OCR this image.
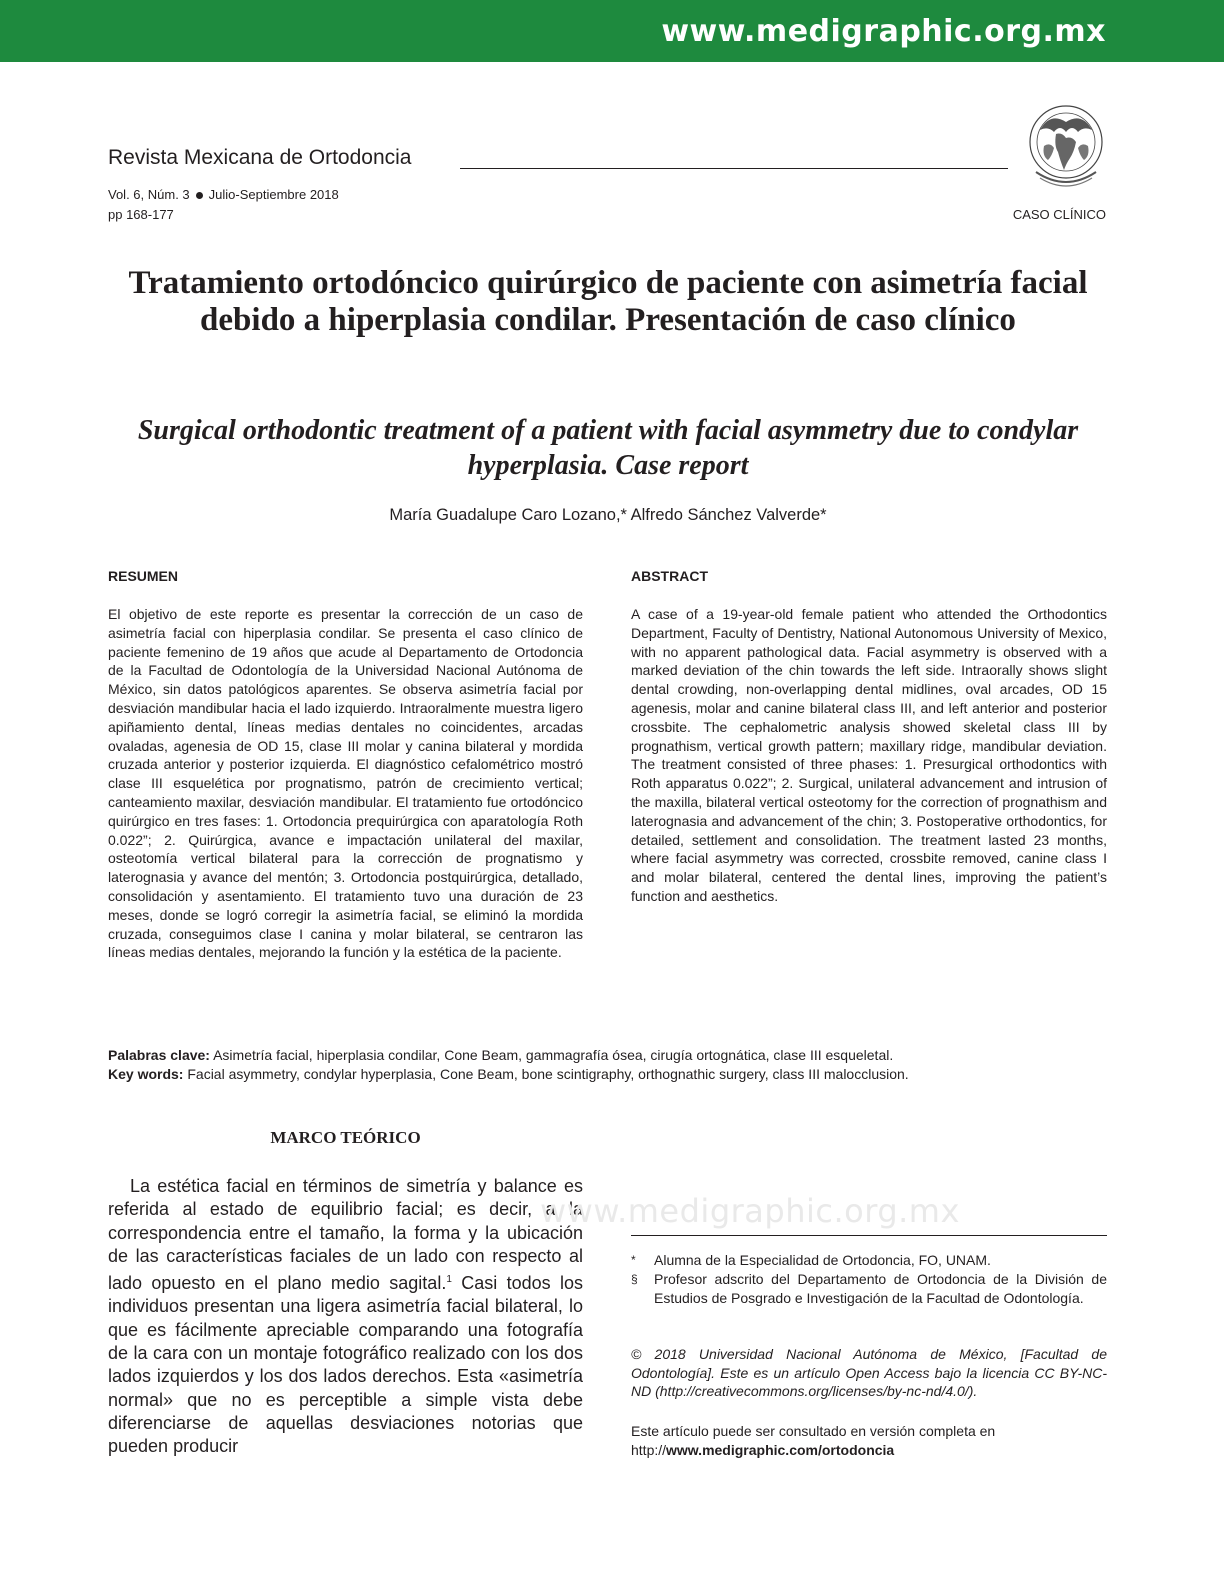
www.medigraphic.org.mx
Revista Mexicana de Ortodoncia
Vol. 6, Núm. 3 Julio-Septiembre 2018
pp 168-177	CASO CLÍNICO
Tratamiento ortodóncico quirúrgico de paciente con asimetría facial debido a hiperplasia condilar. Presentación de caso clínico
Surgical orthodontic treatment of a patient with facial asymmetry due to condylar hyperplasia. Case report
María Guadalupe Caro Lozano,* Alfredo Sánchez Valverde*
RESUMEN	ABSTRACT
El objetivo de este reporte es presentar la corrección de un caso de asimetría facial con hiperplasia condilar. Se presenta el caso clínico de paciente femenino de 19 años que acude al Departamento de Ortodoncia de la Facultad de Odontología de la Universidad Nacional Autónoma de México, sin datos patológicos aparentes. Se observa asimetría facial por desviación mandibular hacia el lado izquierdo. Intraoralmente muestra ligero apiñamiento dental, líneas medias dentales no coincidentes, arcadas ovaladas, agenesia de OD 15, clase III molar y canina bilateral y mordida cruzada anterior y posterior izquierda. El diagnóstico cefalométrico mostró clase III esquelética por prognatismo, patrón de crecimiento vertical; canteamiento maxilar, desviación mandibular. El tratamiento fue ortodóncico quirúrgico en tres fases: 1. Ortodoncia prequirúrgica con aparatología Roth 0.022”; 2. Quirúrgica, avance e impactación unilateral del maxilar, osteotomía vertical bilateral para la corrección de prognatismo y laterognasia y avance del mentón; 3. Ortodoncia postquirúrgica, detallado, consolidación y asentamiento. El tratamiento tuvo una duración de 23 meses, donde se logró corregir la asimetría facial, se eliminó la mordida cruzada, conseguimos clase I canina y molar bilateral, se centraron las líneas medias dentales, mejorando la función y la estética de la paciente.
A case of a 19-year-old female patient who attended the Orthodontics Department, Faculty of Dentistry, National Autonomous University of Mexico, with no apparent pathological data. Facial asymmetry is observed with a marked deviation of the chin towards the left side. Intraorally shows slight dental crowding, non-overlapping dental midlines, oval arcades, OD 15 agenesis, molar and canine bilateral class III, and left anterior and posterior crossbite. The cephalometric analysis showed skeletal class III by prognathism, vertical growth pattern; maxillary ridge, mandibular deviation. The treatment consisted of three phases: 1. Presurgical orthodontics with Roth apparatus 0.022”; 2. Surgical, unilateral advancement and intrusion of the maxilla, bilateral vertical osteotomy for the correction of prognathism and laterognasia and advancement of the chin; 3. Postoperative orthodontics, for detailed, settlement and consolidation. The treatment lasted 23 months, where facial asymmetry was corrected, crossbite removed, canine class I and molar bilateral, centered the dental lines, improving the patient’s function and aesthetics.

Palabras clave: Asimetría facial, hiperplasia condilar, Cone Beam, gammagrafía ósea, cirugía ortognática, clase III esqueletal.

Key words: Facial asymmetry, condylar hyperplasia, Cone Beam, bone scintigraphy, orthognathic surgery, class III malocclusion.

MARCO TEÓRICO
La estética facial en términos de simetría y balance es referida al estado de equilibrio facial; es decir, a la correspondencia entre el tamaño, la forma y la ubicación de las características faciales de un lado con respecto al lado opuesto en el plano medio sagital.$^1$ Casi todos los individuos presentan una ligera asimetría facial bilateral, lo que es fácilmente apreciable comparando una fotografía de la cara con un montaje fotográfico realizado con los dos lados izquierdos y los dos lados derechos. Esta «asimetría normal» que no es perceptible a simple vista debe diferenciarse de aquellas desviaciones notorias que pueden producir
www.medigraphic.org.mx
*	Alumna de la Especialidad de Ortodoncia, FO, UNAM.
§	Profesor adscrito del Departamento de Ortodoncia de la División de Estudios de Posgrado e Investigación de la Facultad de Odontología.
© 2018 Universidad Nacional Autónoma de México, [Facultad de Odontología]. Este es un artículo Open Access bajo la licencia CC BY-NC-ND (http://creativecommons.org/licenses/by-nc-nd/4.0/).
Este artículo puede ser consultado en versión completa en
http://www.medigraphic.com/ortodoncia
